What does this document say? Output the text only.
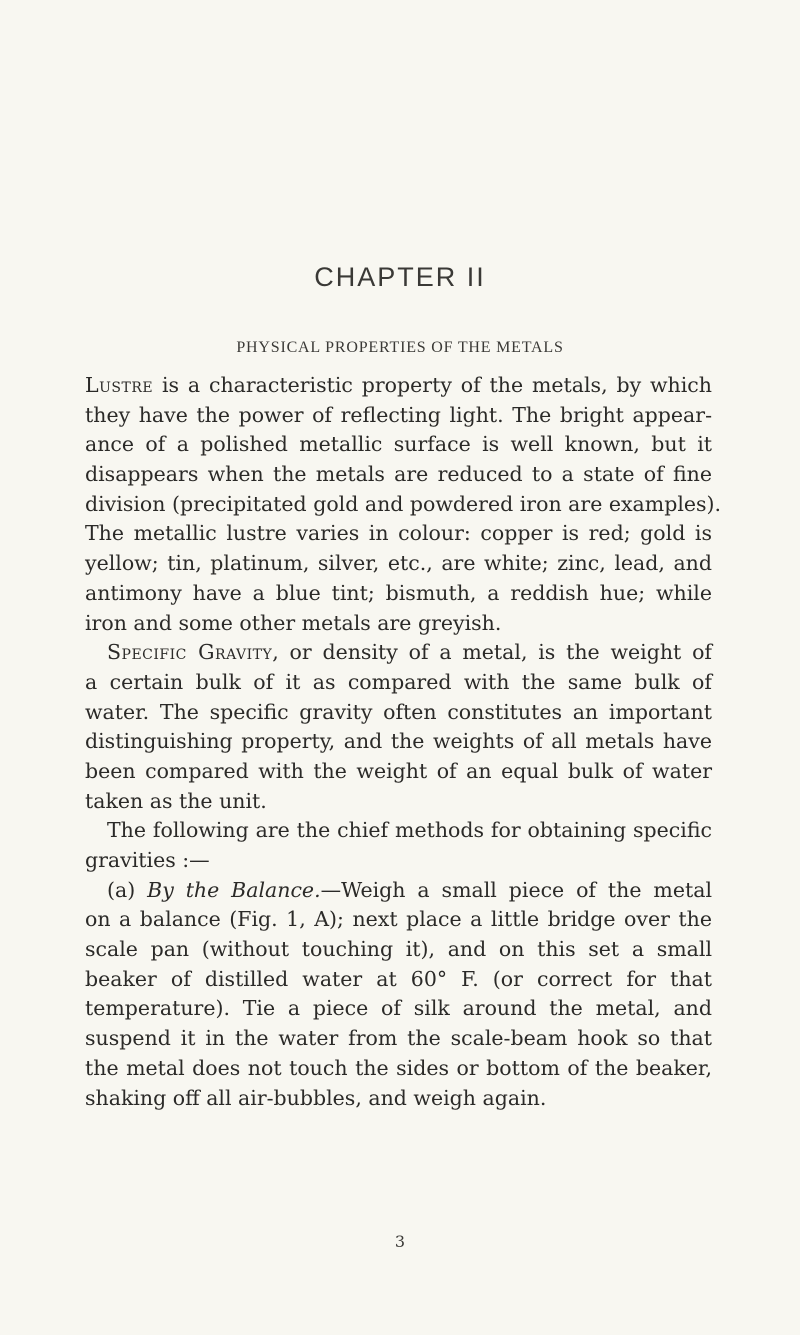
CHAPTER II
PHYSICAL PROPERTIES OF THE METALS
Lustre is a characteristic property of the metals, by which
they have the power of reflecting light. The bright appear-
ance of a polished metallic surface is well known, but it
disappears when the metals are reduced to a state of fine
division (precipitated gold and powdered iron are examples).
The metallic lustre varies in colour: copper is red; gold is
yellow; tin, platinum, silver, etc., are white; zinc, lead, and
antimony have a blue tint; bismuth, a reddish hue; while
iron and some other metals are greyish.
Specific Gravity, or density of a metal, is the weight of
a certain bulk of it as compared with the same bulk of
water. The specific gravity often constitutes an important
distinguishing property, and the weights of all metals have
been compared with the weight of an equal bulk of water
taken as the unit.
The following are the chief methods for obtaining specific
gravities :—
(a) By the Balance.—Weigh a small piece of the metal
on a balance (Fig. 1, A); next place a little bridge over the
scale pan (without touching it), and on this set a small
beaker of distilled water at 60° F. (or correct for that
temperature). Tie a piece of silk around the metal, and
suspend it in the water from the scale-beam hook so that
the metal does not touch the sides or bottom of the beaker,
shaking off all air-bubbles, and weigh again.
3
